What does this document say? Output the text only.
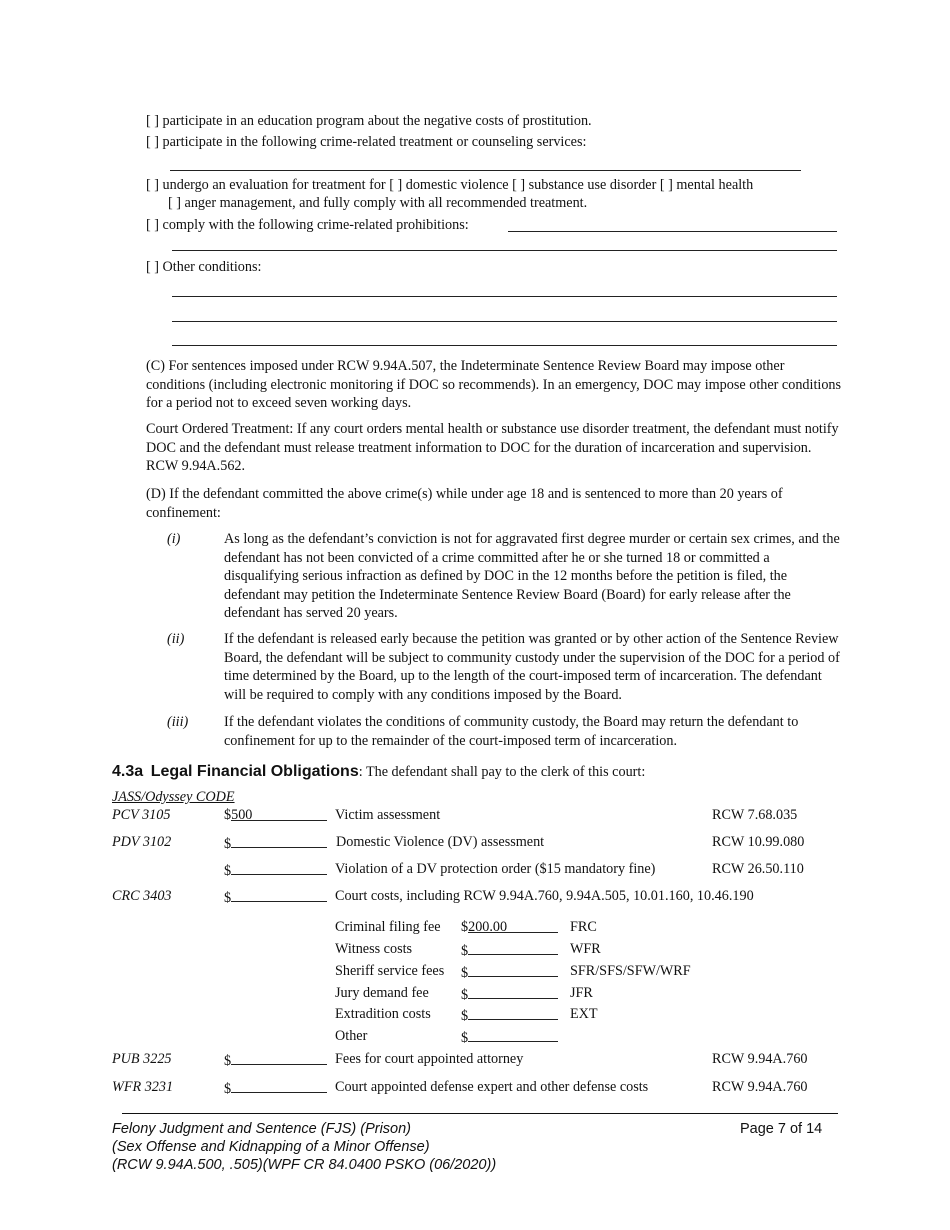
[ ] participate in an education program about the negative costs of prostitution.
[ ] participate in the following crime-related treatment or counseling services:
[ ] undergo an evaluation for treatment for [ ] domestic violence [ ] substance use disorder [ ] mental health
[ ] anger management, and fully comply with all recommended treatment.
[ ] comply with the following crime-related prohibitions:
[ ] Other conditions:
(C) For sentences imposed under RCW 9.94A.507, the Indeterminate Sentence Review Board may impose other conditions (including electronic monitoring if DOC so recommends). In an emergency, DOC may impose other conditions for a period not to exceed seven working days.
Court Ordered Treatment: If any court orders mental health or substance use disorder treatment, the defendant must notify DOC and the defendant must release treatment information to DOC for the duration of incarceration and supervision. RCW 9.94A.562.
(D) If the defendant committed the above crime(s) while under age 18 and is sentenced to more than 20 years of confinement:
(i)	As long as the defendant’s conviction is not for aggravated first degree murder or certain sex crimes, and the defendant has not been convicted of a crime committed after he or she turned 18 or committed a disqualifying serious infraction as defined by DOC in the 12 months before the petition is filed, the defendant may petition the Indeterminate Sentence Review Board (Board) for early release after the defendant has served 20 years.
(ii)	If the defendant is released early because the petition was granted or by other action of the Sentence Review Board, the defendant will be subject to community custody under the supervision of the DOC for a period of time determined by the Board, up to the length of the court-imposed term of incarceration. The defendant will be required to comply with any conditions imposed by the Board.
(iii)	If the defendant violates the conditions of community custody, the Board may return the defendant to confinement for up to the remainder of the court-imposed term of incarceration.
4.3a Legal Financial Obligations: The defendant shall pay to the clerk of this court:
JASS/Odyssey CODE
PCV 3105	$500	Victim assessment	RCW 7.68.035
PDV 3102	$	Domestic Violence (DV) assessment	RCW 10.99.080
$	Violation of a DV protection order ($15 mandatory fine)	RCW 26.50.110
CRC 3403	$	Court costs, including RCW 9.94A.760, 9.94A.505, 10.01.160, 10.46.190
Criminal filing fee $200.00	FRC
Witness costs	$	WFR
Sheriff service fees $	SFR/SFS/SFW/WRF
Jury demand fee $	JFR
Extradition costs $	EXT
Other	$
PUB 3225	$	Fees for court appointed attorney	RCW 9.94A.760
WFR 3231	$	Court appointed defense expert and other defense costs	RCW 9.94A.760
Felony Judgment and Sentence (FJS) (Prison)
(Sex Offense and Kidnapping of a Minor Offense)
(RCW 9.94A.500, .505)(WPF CR 84.0400 PSKO (06/2020))
Page 7 of 14
